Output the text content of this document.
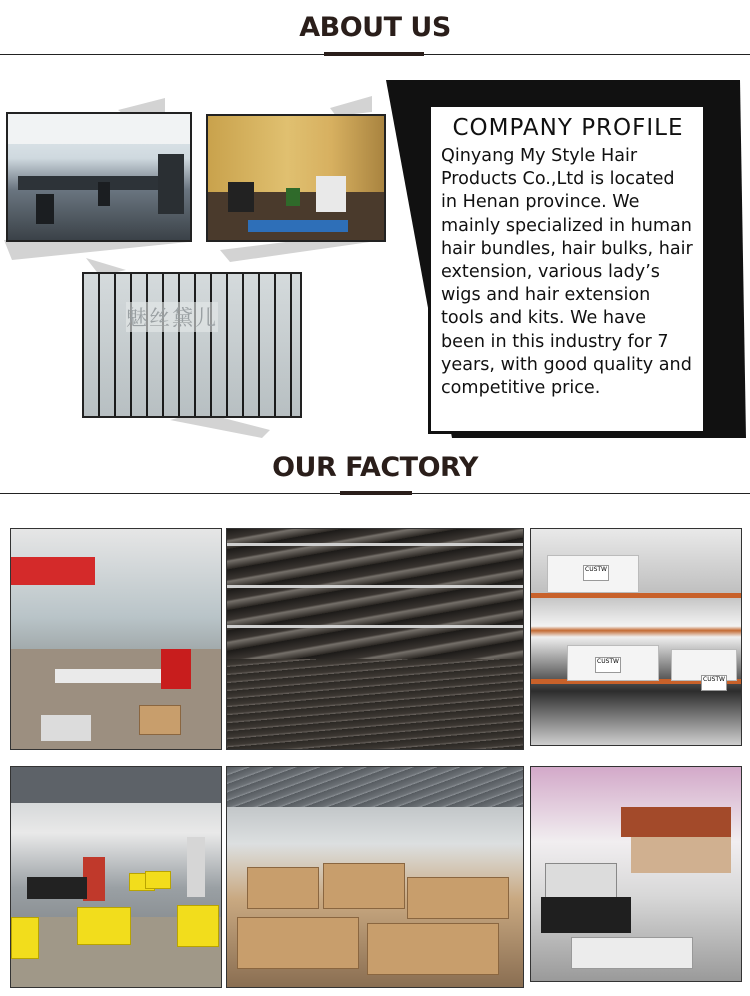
ABOUT US
魅丝黛儿
COMPANY PROFILE

Qinyang My Style Hair Products Co.,Ltd is located in Henan province. We mainly specialized in human hair bundles, hair bulks, hair extension, various lady’s wigs and hair extension tools and kits. We have been in this industry for 7 years, with good quality and competitive price.

OUR FACTORY
CUSTW
CUSTW
CUSTW
